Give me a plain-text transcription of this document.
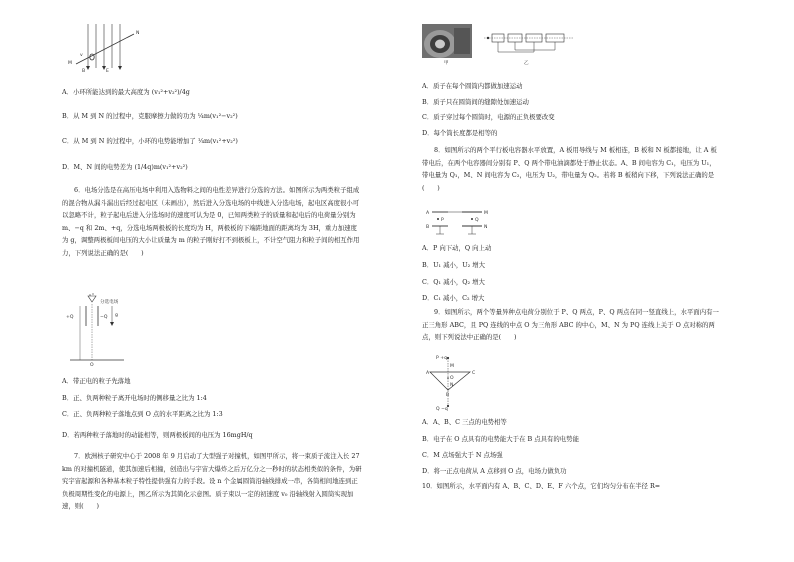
M
N
B	E
v
A．小环所能达到的最大高度为 (v₁²+v₂²)/4g
B．从 M 到 N 的过程中，克服摩擦力做的功为 ¼m(v₁²−v₂²)
C．从 M 到 N 的过程中，小环的电势能增加了 ¼m(v₁²+v₂²)
D．M、N 间的电势差为 (1/4q)m(v₁²+v₂²)
6．电场分选是在高压电场中利用入选物料之间的电性差异进行分选的方法。如图所示为两类粒子组成的混合物从漏斗漏出后经过起电区（未画出），然后进入分选电场的中线进入分选电场，起电区高度很小可以忽略不计，粒子起电后进入分选场时的速度可认为是 0，已知两类粒子的质量和起电后的电荷量分别为 m、−q 和 2m、+q，分选电场两极板的长度均为 H，两极板的下端距地面的距离均为 3H，重力加速度为 g，调整两极板间电压的大小让质量为 m 的粒子刚好打不到极板上，不计空气阻力和粒子间的相互作用力，下列说法正确的是(　　)
分选电场
+Q	−Q
O
g
A．带正电的粒子先落地
B．正、负两种粒子离开电场时的侧移量之比为 1:4
C．正、负两种粒子落地点到 O 点的水平距离之比为 1:3
D．若两种粒子落地时的动能相等，则两极板间的电压为 16mgH/q
7．欧洲核子研究中心于 2008 年 9 月启动了大型强子对撞机，如图甲所示，将一束质子流注入长 27 km 的对撞机隧道，使其加速后相撞，创造出与宇宙大爆炸之后万亿分之一秒时的状态相类似的条件，为研究宇宙起源和各种基本粒子特性提供强有力的手段。设 n 个金属圆筒沿轴线排成一串，各筒相间地连到正负极周期性变化的电源上，图乙所示为其简化示意图。质子束以一定的初速度 v₀ 沿轴线射入圆筒实现加速，则(　　)
甲	乙
A．质子在每个圆筒内都做加速运动
B．质子只在圆筒间的缝隙处加速运动
C．质子穿过每个圆筒时，电源的正负极要改变
D．每个筒长度都是相等的
8．如图所示的两个平行板电容器水平放置，A 板用导线与 M 板相连，B 板和 N 板都接地，让 A 板带电后，在两个电容器间分别有 P、Q 两个带电油滴都处于静止状态。A、B 间电容为 C₁，电压为 U₁，带电量为 Q₁，M、N 间电容为 C₂，电压为 U₂，带电量为 Q₂。若将 B 板稍向下移，下列说法正确的是(　　)
A
B
M
N
P	Q
A．P 向下动，Q 向上动
B．U₁ 减小，U₂ 增大
C．Q₁ 减小，Q₂ 增大
D．C₁ 减小，C₂ 增大
9．如图所示，两个等量异种点电荷分别位于 P、Q 两点，P、Q 两点在同一竖直线上，水平面内有一正三角形 ABC，且 PQ 连线的中点 O 为三角形 ABC 的中心，M、N 为 PQ 连线上关于 O 点对称的两点，则下列说法中正确的是(　　)
P +q
Q −q
A	C
B
M
N
O
A．A、B、C 三点的电势相等
B．电子在 O 点具有的电势能大于在 B 点具有的电势能
C．M 点场强大于 N 点场强
D．将一正点电荷从 A 点移到 O 点，电场力做负功
10．如图所示，水平面内有 A、B、C、D、E、F 六个点，它们均匀分布在半径 R=
